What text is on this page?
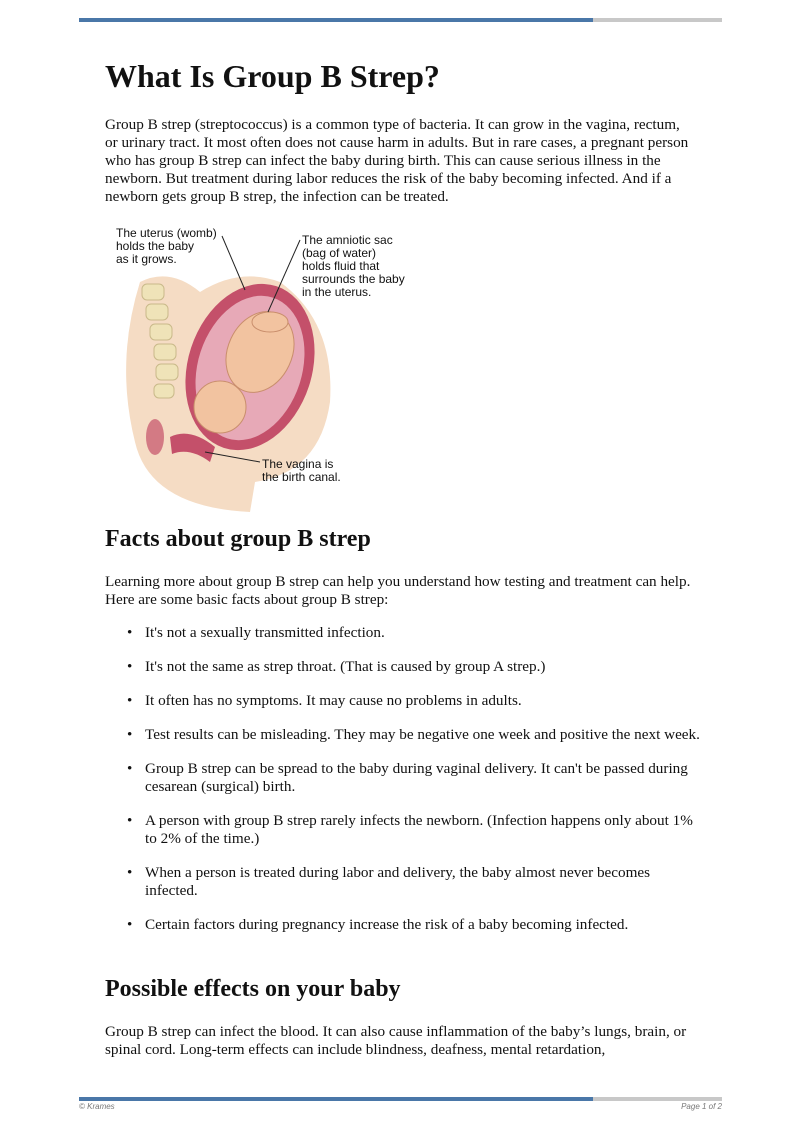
What Is Group B Strep?

Group B strep (streptococcus) is a common type of bacteria. It can grow in the vagina, rectum, or urinary tract. It most often does not cause harm in adults. But in rare cases, a pregnant person who has group B strep can infect the baby during birth. This can cause serious illness in the newborn. But treatment during labor reduces the risk of the baby becoming infected. And if a newborn gets group B strep, the infection can be treated.

The uterus (womb)
holds the baby
as it grows.
The amniotic sac
(bag of water)
holds fluid that
surrounds the baby
in the uterus.
The vagina is
the birth canal.
Facts about group B strep

Learning more about group B strep can help you understand how testing and treatment can help. Here are some basic facts about group B strep:

• It's not a sexually transmitted infection.
• It's not the same as strep throat. (That is caused by group A strep.)
• It often has no symptoms. It may cause no problems in adults.
• Test results can be misleading. They may be negative one week and positive the next week.
• Group B strep can be spread to the baby during vaginal delivery. It can't be passed during cesarean (surgical) birth.
• A person with group B strep rarely infects the newborn. (Infection happens only about 1% to 2% of the time.)
• When a person is treated during labor and delivery, the baby almost never becomes infected.
• Certain factors during pregnancy increase the risk of a baby becoming infected.
Possible effects on your baby

Group B strep can infect the blood. It can also cause inflammation of the baby’s lungs, brain, or spinal cord. Long-term effects can include blindness, deafness, mental retardation,

© Krames	Page 1 of 2
